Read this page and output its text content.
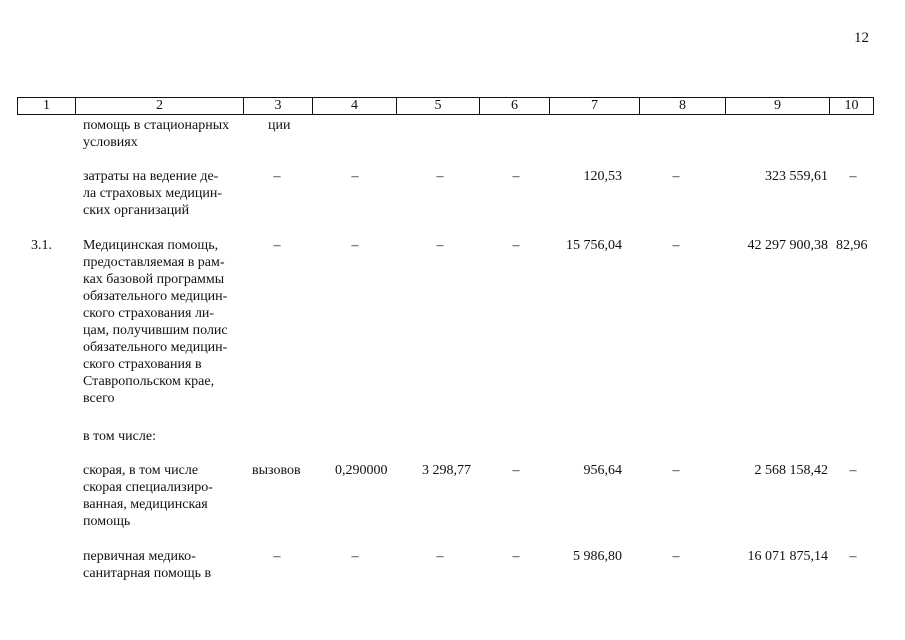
12
1	2	3	4	5	6	7	8	9	10
помощь в стационарных
условиях
ции
затраты на ведение де-
ла страховых медицин-
ских организаций
–	–	–	–	120,53	–	323 559,61	–
3.1. Медицинская помощь,
предоставляемая в рам-
ках базовой программы
обязательного медицин-
ского страхования ли-
цам, получившим полис
обязательного медицин-
ского страхования в
Ставропольском крае,
всего
–	–	–	–	15 756,04	–	42 297 900,38 82,96
в том числе:
скорая, в том числе
скорая специализиро-
ванная, медицинская
помощь
вызовов 0,290000 3 298,77	–	956,64	–	2 568 158,42	–
первичная медико-
санитарная помощь в
–	–	–	–	5 986,80	–	16 071 875,14	–
